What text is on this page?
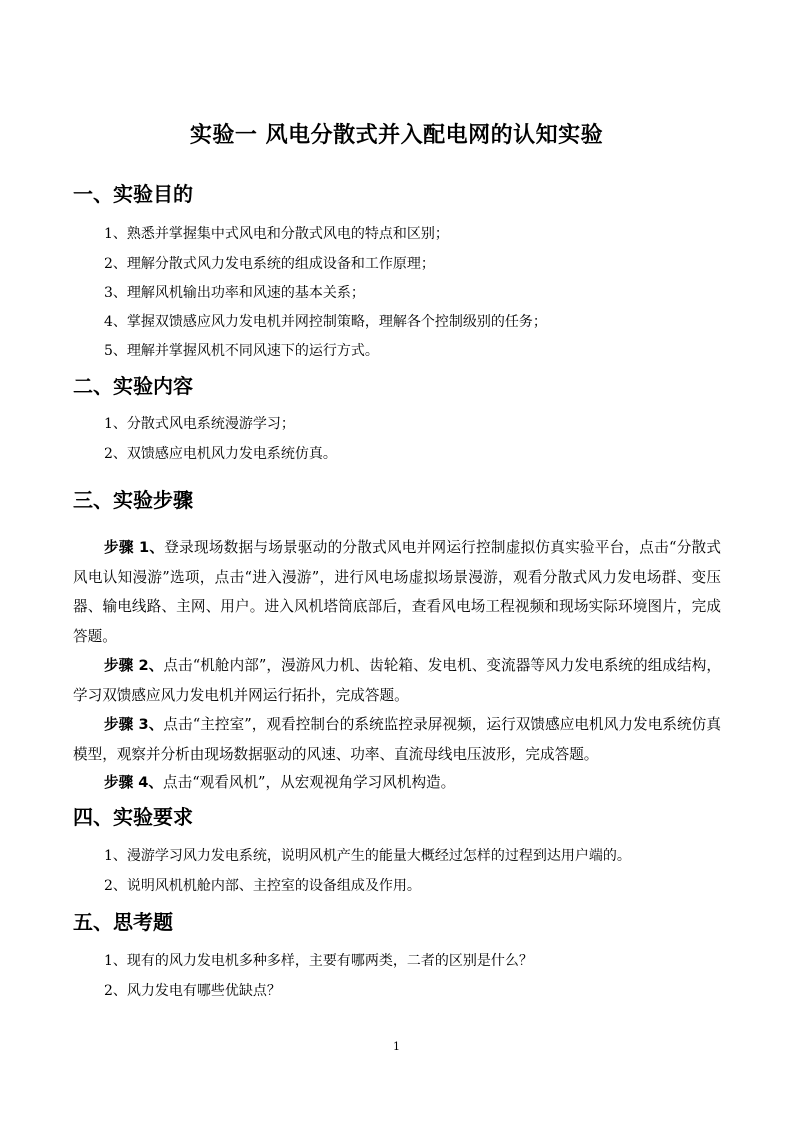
实验一 风电分散式并入配电网的认知实验
一、实验目的
1、熟悉并掌握集中式风电和分散式风电的特点和区别；
2、理解分散式风力发电系统的组成设备和工作原理；
3、理解风机输出功率和风速的基本关系；
4、掌握双馈感应风力发电机并网控制策略，理解各个控制级别的任务；
5、理解并掌握风机不同风速下的运行方式。
二、实验内容
1、分散式风电系统漫游学习；
2、双馈感应电机风力发电系统仿真。
三、实验步骤
步骤 1、登录现场数据与场景驱动的分散式风电并网运行控制虚拟仿真实验平台，点击“分散式风电认知漫游”选项，点击“进入漫游”，进行风电场虚拟场景漫游，观看分散式风力发电场群、变压器、输电线路、主网、用户。进入风机塔筒底部后，查看风电场工程视频和现场实际环境图片，完成答题。
步骤 2、点击“机舱内部”，漫游风力机、齿轮箱、发电机、变流器等风力发电系统的组成结构，学习双馈感应风力发电机并网运行拓扑，完成答题。
步骤 3、点击“主控室”，观看控制台的系统监控录屏视频，运行双馈感应电机风力发电系统仿真模型，观察并分析由现场数据驱动的风速、功率、直流母线电压波形，完成答题。
步骤 4、点击“观看风机”，从宏观视角学习风机构造。
四、实验要求
1、漫游学习风力发电系统，说明风机产生的能量大概经过怎样的过程到达用户端的。
2、说明风机机舱内部、主控室的设备组成及作用。
五、思考题
1、现有的风力发电机多种多样，主要有哪两类，二者的区别是什么？
2、风力发电有哪些优缺点？
1
